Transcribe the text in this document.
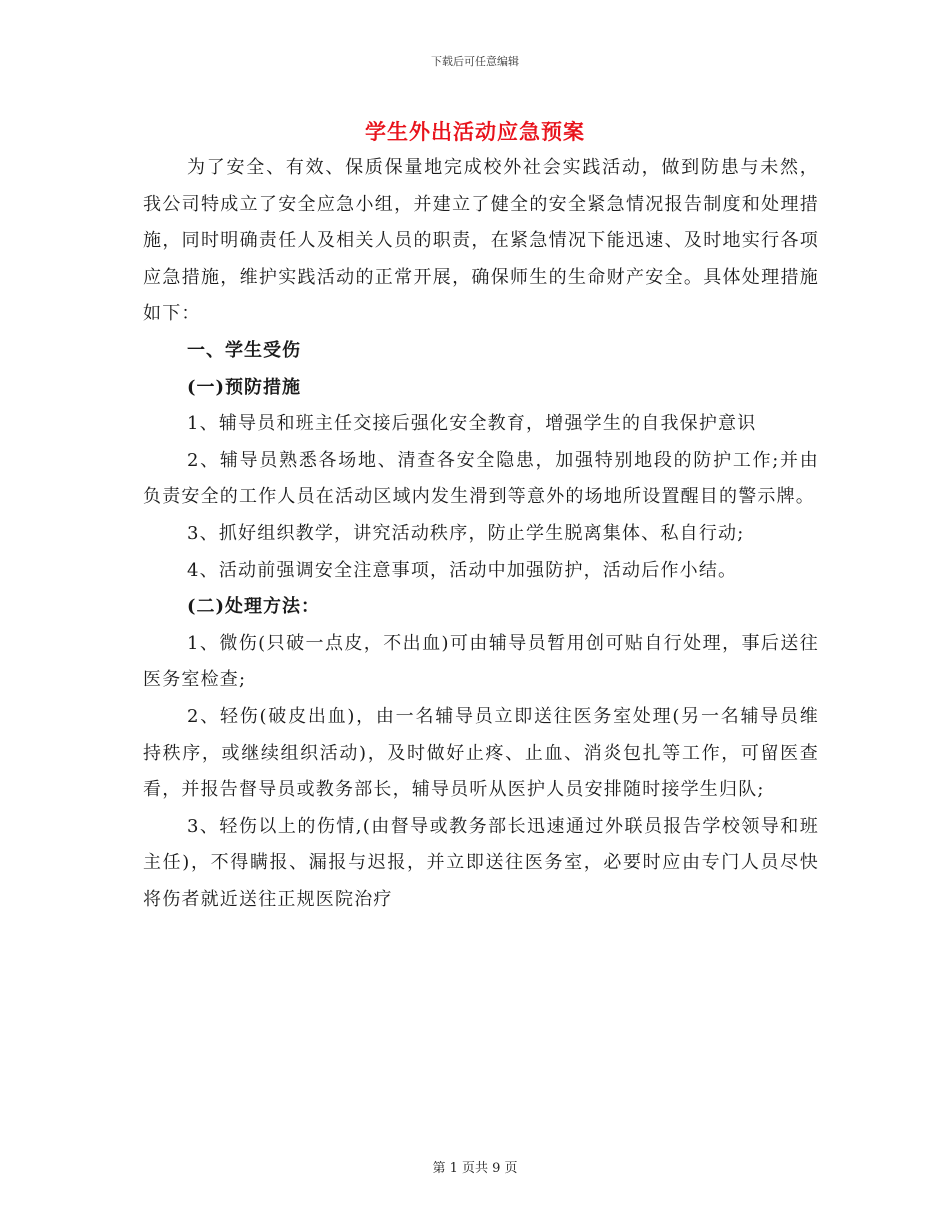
下载后可任意编辑
学生外出活动应急预案

为了安全、有效、保质保量地完成校外社会实践活动，做到防患与未然，我公司特成立了安全应急小组，并建立了健全的安全紧急情况报告制度和处理措施，同时明确责任人及相关人员的职责，在紧急情况下能迅速、及时地实行各项应急措施，维护实践活动的正常开展，确保师生的生命财产安全。具体处理措施如下：

一、学生受伤

(一)预防措施

1、辅导员和班主任交接后强化安全教育，增强学生的自我保护意识

2、辅导员熟悉各场地、清查各安全隐患，加强特别地段的防护工作;并由负责安全的工作人员在活动区域内发生滑到等意外的场地所设置醒目的警示牌。

3、抓好组织教学，讲究活动秩序，防止学生脱离集体、私自行动;

4、活动前强调安全注意事项，活动中加强防护，活动后作小结。

(二)处理方法：

1、微伤(只破一点皮，不出血)可由辅导员暂用创可贴自行处理，事后送往医务室检查;

2、轻伤(破皮出血)，由一名辅导员立即送往医务室处理(另一名辅导员维持秩序，或继续组织活动)，及时做好止疼、止血、消炎包扎等工作，可留医查看，并报告督导员或教务部长，辅导员听从医护人员安排随时接学生归队;

3、轻伤以上的伤情,(由督导或教务部长迅速通过外联员报告学校领导和班主任)，不得瞒报、漏报与迟报，并立即送往医务室，必要时应由专门人员尽快将伤者就近送往正规医院治疗

第 1 页共 9 页
